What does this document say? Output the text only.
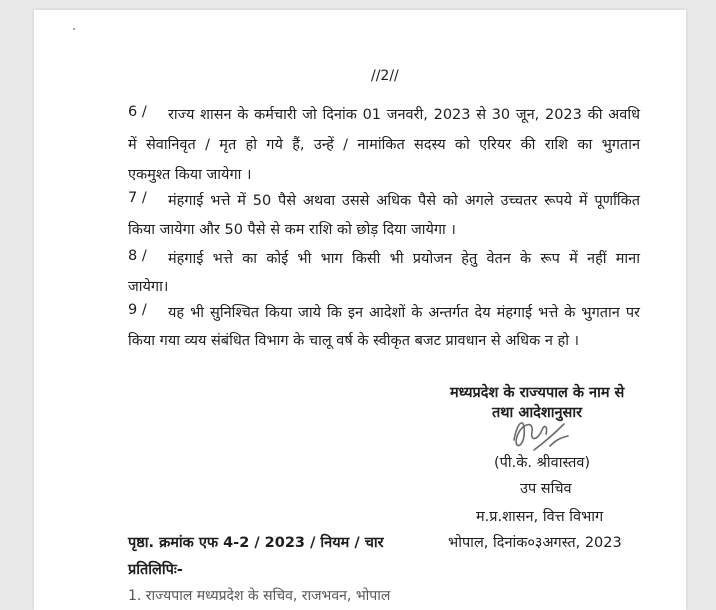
//2//
6 / राज्य शासन के कर्मचारी जो दिनांक 01 जनवरी, 2023 से 30 जून, 2023 की अवधि
में सेवानिवृत / मृत हो गये हैं, उन्हें / नामांकित सदस्य को एरियर की राशि का भुगतान
एकमुश्त किया जायेगा ।
7 / मंहगाई भत्ते में 50 पैसे अथवा उससे अधिक पैसे को अगले उच्चतर रूपये में पूर्णांकित
किया जायेगा और 50 पैसे से कम राशि को छोड़ दिया जायेगा ।
8 / मंहगाई भत्ते का कोई भी भाग किसी भी प्रयोजन हेतु वेतन के रूप में नहीं माना
जायेगा।
9 / यह भी सुनिश्चित किया जाये कि इन आदेशों के अन्तर्गत देय मंहगाई भत्ते के भुगतान पर
किया गया व्यय संबंधित विभाग के चालू वर्ष के स्वीकृत बजट प्रावधान से अधिक न हो ।
मध्यप्रदेश के राज्यपाल के नाम से
तथा आदेशानुसार
(पी.के. श्रीवास्तव)
उप सचिव
म.प्र.शासन, वित्त विभाग
भोपाल, दिनांक०३अगस्त, 2023
पृष्ठा. क्रमांक एफ 4-2 / 2023 / नियम / चार
प्रतिलिपिः-
1. राज्यपाल मध्यप्रदेश के सचिव, राजभवन, भोपाल
